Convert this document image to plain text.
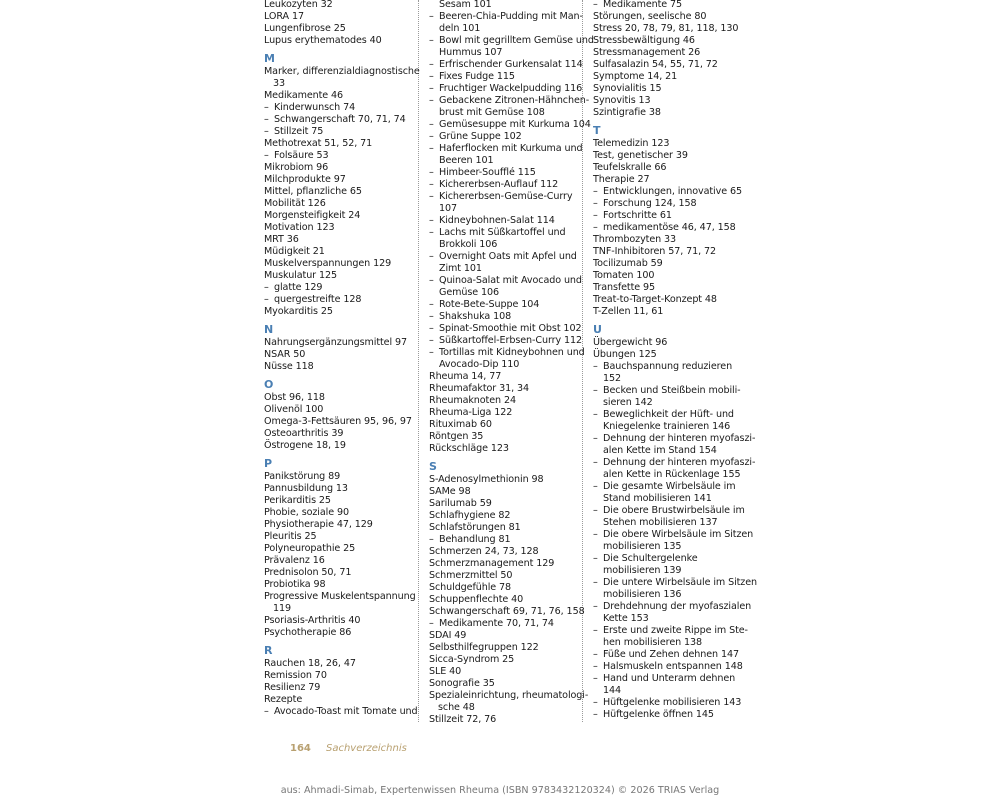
Leukozyten 32
LORA 17
Lungenfibrose 25
Lupus erythematodes 40
M
Marker, differenzialdiagnostische
33
Medikamente 46
– Kinderwunsch 74
– Schwangerschaft 70, 71, 74
– Stillzeit 75
Methotrexat 51, 52, 71
– Folsäure 53
Mikrobiom 96
Milchprodukte 97
Mittel, pflanzliche 65
Mobilität 126
Morgensteifigkeit 24
Motivation 123
MRT 36
Müdigkeit 21
Muskelverspannungen 129
Muskulatur 125
– glatte 129
– quergestreifte 128
Myokarditis 25
N
Nahrungsergänzungsmittel 97
NSAR 50
Nüsse 118
O
Obst 96, 118
Olivenöl 100
Omega-3-Fettsäuren 95, 96, 97
Osteoarthritis 39
Östrogene 18, 19
P
Panikstörung 89
Pannusbildung 13
Perikarditis 25
Phobie, soziale 90
Physiotherapie 47, 129
Pleuritis 25
Polyneuropathie 25
Prävalenz 16
Prednisolon 50, 71
Probiotika 98
Progressive Muskelentspannung
119
Psoriasis-Arthritis 40
Psychotherapie 86
R
Rauchen 18, 26, 47
Remission 70
Resilienz 79
Rezepte
– Avocado-Toast mit Tomate und
Sesam 101
– Beeren-Chia-Pudding mit Man-
deln 101
– Bowl mit gegrilltem Gemüse und
Hummus 107
– Erfrischender Gurkensalat 114
– Fixes Fudge 115
– Fruchtiger Wackelpudding 116
– Gebackene Zitronen-Hähnchen-
brust mit Gemüse 108
– Gemüsesuppe mit Kurkuma 104
– Grüne Suppe 102
– Haferflocken mit Kurkuma und
Beeren 101
– Himbeer-Soufflé 115
– Kichererbsen-Auflauf 112
– Kichererbsen-Gemüse-Curry
107
– Kidneybohnen-Salat 114
– Lachs mit Süßkartoffel und
Brokkoli 106
– Overnight Oats mit Apfel und
Zimt 101
– Quinoa-Salat mit Avocado und
Gemüse 106
– Rote-Bete-Suppe 104
– Shakshuka 108
– Spinat-Smoothie mit Obst 102
– Süßkartoffel-Erbsen-Curry 112
– Tortillas mit Kidneybohnen und
Avocado-Dip 110
Rheuma 14, 77
Rheumafaktor 31, 34
Rheumaknoten 24
Rheuma-Liga 122
Rituximab 60
Röntgen 35
Rückschläge 123
S
S-Adenosylmethionin 98
SAMe 98
Sarilumab 59
Schlafhygiene 82
Schlafstörungen 81
– Behandlung 81
Schmerzen 24, 73, 128
Schmerzmanagement 129
Schmerzmittel 50
Schuldgefühle 78
Schuppenflechte 40
Schwangerschaft 69, 71, 76, 158
– Medikamente 70, 71, 74
SDAI 49
Selbsthilfegruppen 122
Sicca-Syndrom 25
SLE 40
Sonografie 35
Spezialeinrichtung, rheumatologi-
sche 48
Stillzeit 72, 76
– Medikamente 75
Störungen, seelische 80
Stress 20, 78, 79, 81, 118, 130
Stressbewältigung 46
Stressmanagement 26
Sulfasalazin 54, 55, 71, 72
Symptome 14, 21
Synovialitis 15
Synovitis 13
Szintigrafie 38
T
Telemedizin 123
Test, genetischer 39
Teufelskralle 66
Therapie 27
– Entwicklungen, innovative 65
– Forschung 124, 158
– Fortschritte 61
– medikamentöse 46, 47, 158
Thrombozyten 33
TNF-Inhibitoren 57, 71, 72
Tocilizumab 59
Tomaten 100
Transfette 95
Treat-to-Target-Konzept 48
T-Zellen 11, 61
U
Übergewicht 96
Übungen 125
– Bauchspannung reduzieren
152
– Becken und Steißbein mobili-
sieren 142
– Beweglichkeit der Hüft- und
Kniegelenke trainieren 146
– Dehnung der hinteren myofaszi-
alen Kette im Stand 154
– Dehnung der hinteren myofaszi-
alen Kette in Rückenlage 155
– Die gesamte Wirbelsäule im
Stand mobilisieren 141
– Die obere Brustwirbelsäule im
Stehen mobilisieren 137
– Die obere Wirbelsäule im Sitzen
mobilisieren 135
– Die Schultergelenke
mobilisieren 139
– Die untere Wirbelsäule im Sitzen
mobilisieren 136
– Drehdehnung der myofaszialen
Kette 153
– Erste und zweite Rippe im Ste-
hen mobilisieren 138
– Füße und Zehen dehnen 147
– Halsmuskeln entspannen 148
– Hand und Unterarm dehnen
144
– Hüftgelenke mobilisieren 143
– Hüftgelenke öffnen 145
164 Sachverzeichnis
aus: Ahmadi-Simab, Expertenwissen Rheuma (ISBN 9783432120324) © 2026 TRIAS Verlag
